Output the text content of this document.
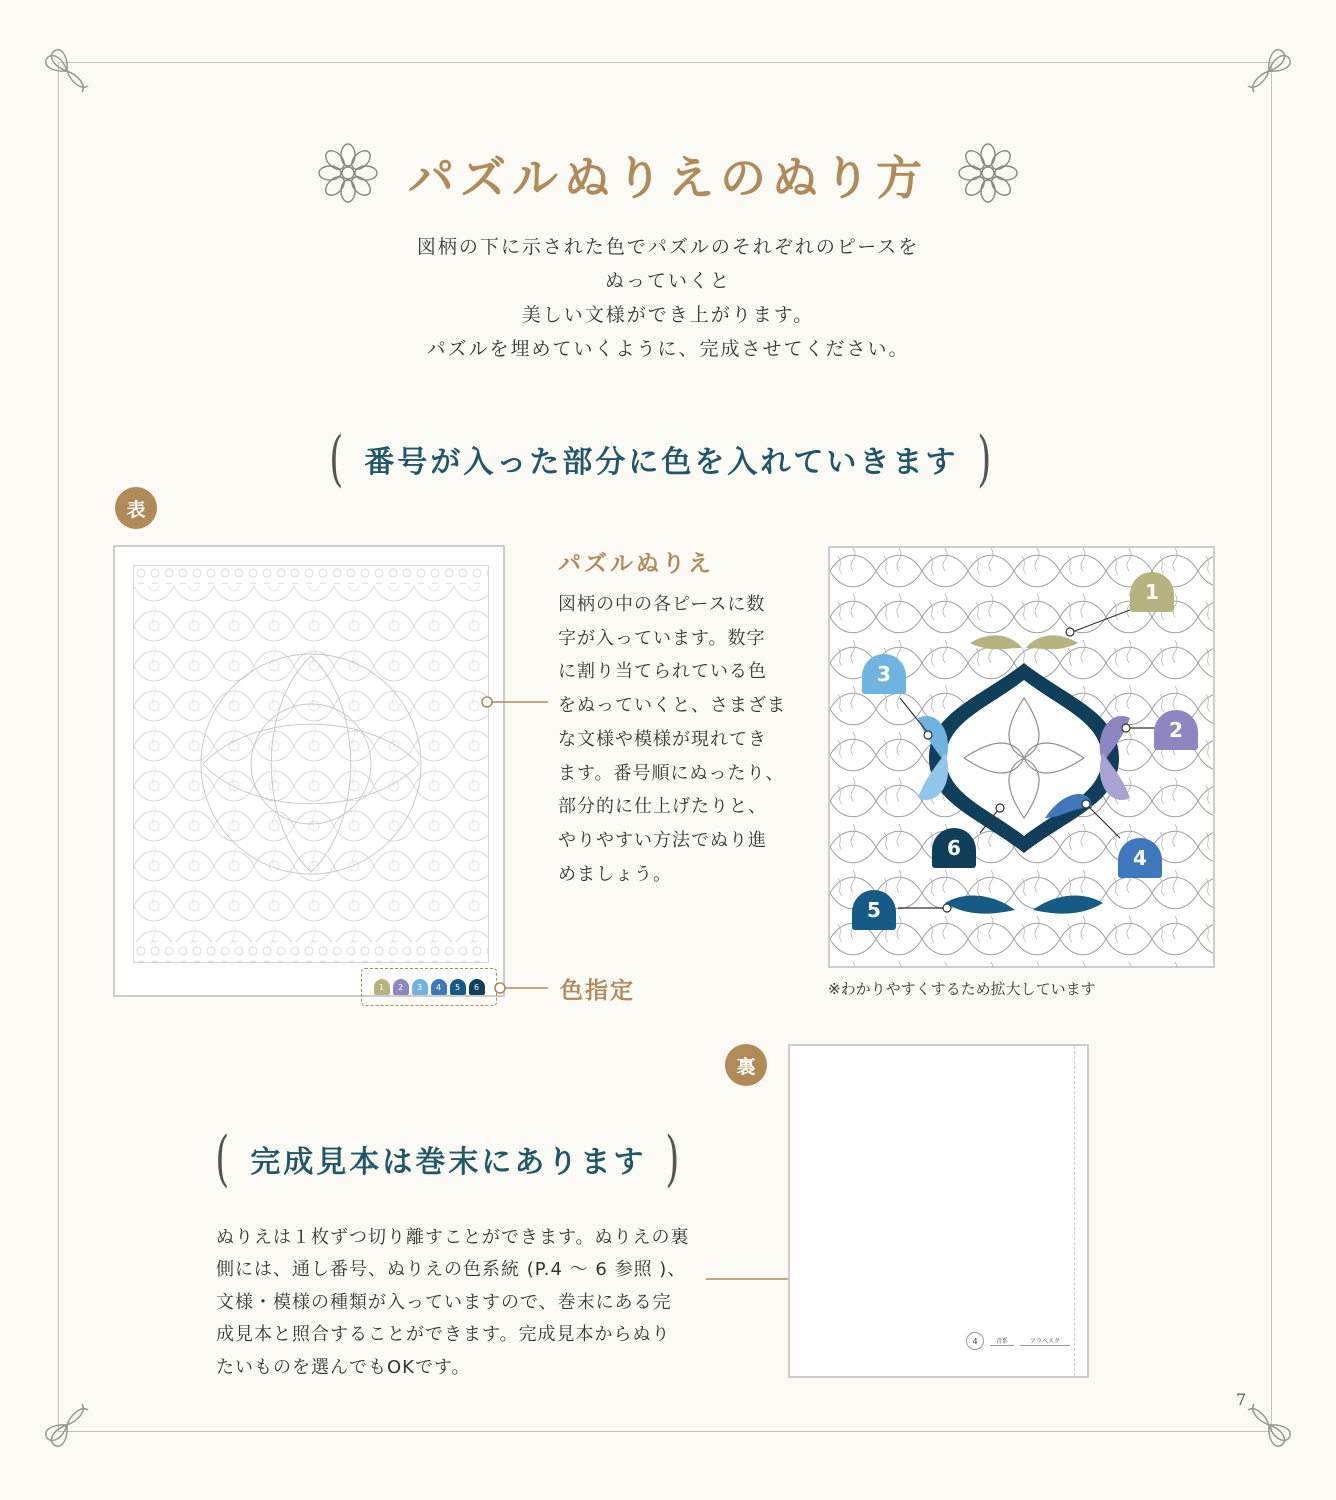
パズルぬりえのぬり方
図柄の下に示された色でパズルのそれぞれのピースを
ぬっていくと
美しい文様ができ上がります。
パズルを埋めていくように、完成させてください。
( 番号が入った部分に色を入れていきます )
表
1	2	3	4	5	6
パズルぬりえ
図柄の中の各ピースに数
字が入っています。数字
に割り当てられている色
をぬっていくと、さまざま
な文様や模様が現れてき
ます。番号順にぬったり、
部分的に仕上げたりと、
やりやすい方法でぬり進
めましょう。
色指定
1
2
3
4
5
6
※わかりやすくするため拡大しています
裏
( 完成見本は巻末にあります )
ぬりえは１枚ずつ切り離すことができます。ぬりえの裏
側には、通し番号、ぬりえの色系統 (P.4 ～ 6 参照 )、
文様・模様の種類が入っていますので、巻末にある完
成見本と照合することができます。完成見本からぬり
たいものを選んでもOKです。
4	青系	アラベスク
7
